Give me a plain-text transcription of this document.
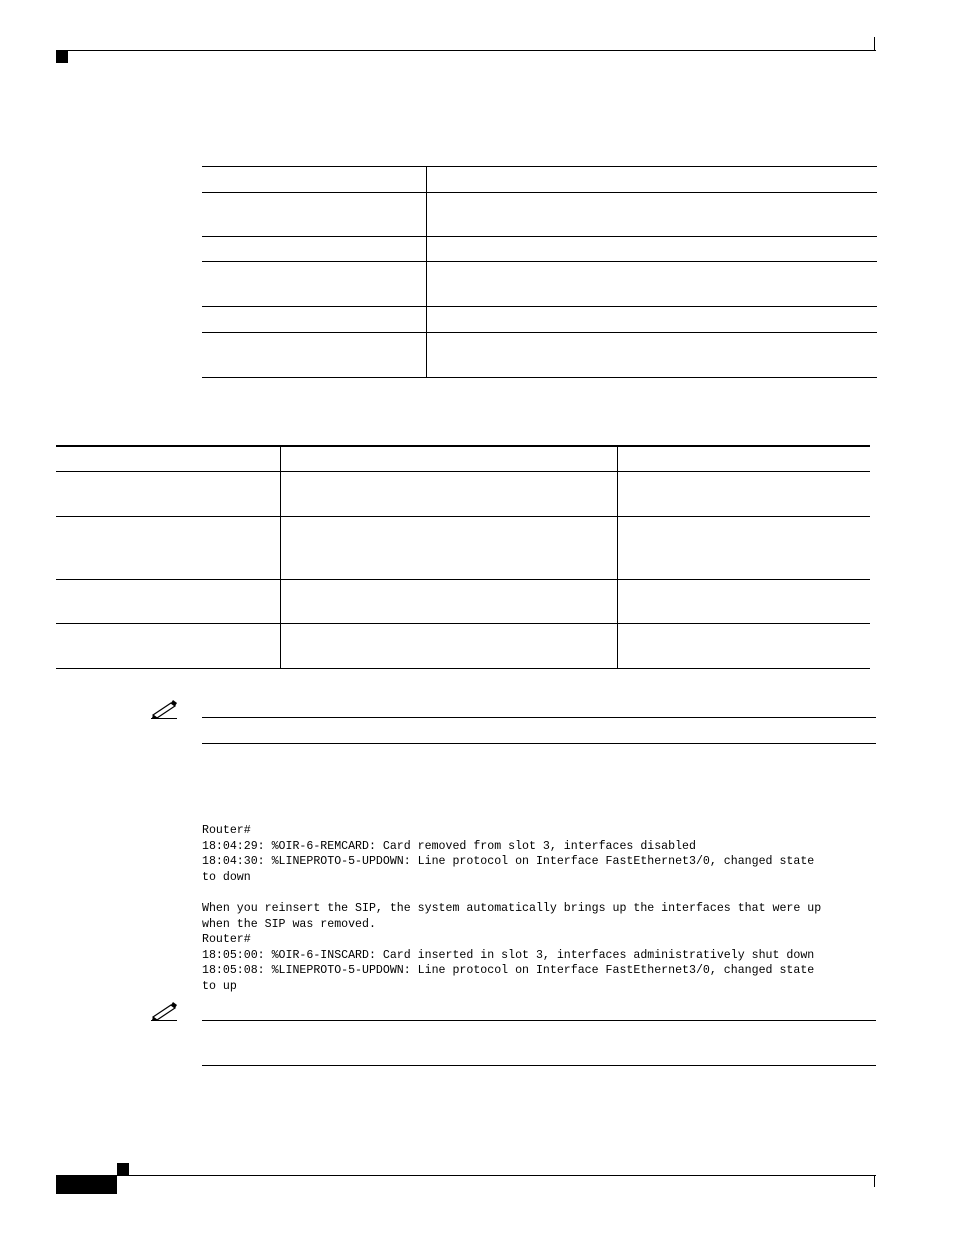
Router#
18:04:29: %OIR-6-REMCARD: Card removed from slot 3, interfaces disabled
18:04:30: %LINEPROTO-5-UPDOWN: Line protocol on Interface FastEthernet3/0, changed state
to down

When you reinsert the SIP, the system automatically brings up the interfaces that were up
when the SIP was removed.
Router#
18:05:00: %OIR-6-INSCARD: Card inserted in slot 3, interfaces administratively shut down
18:05:08: %LINEPROTO-5-UPDOWN: Line protocol on Interface FastEthernet3/0, changed state
to up
